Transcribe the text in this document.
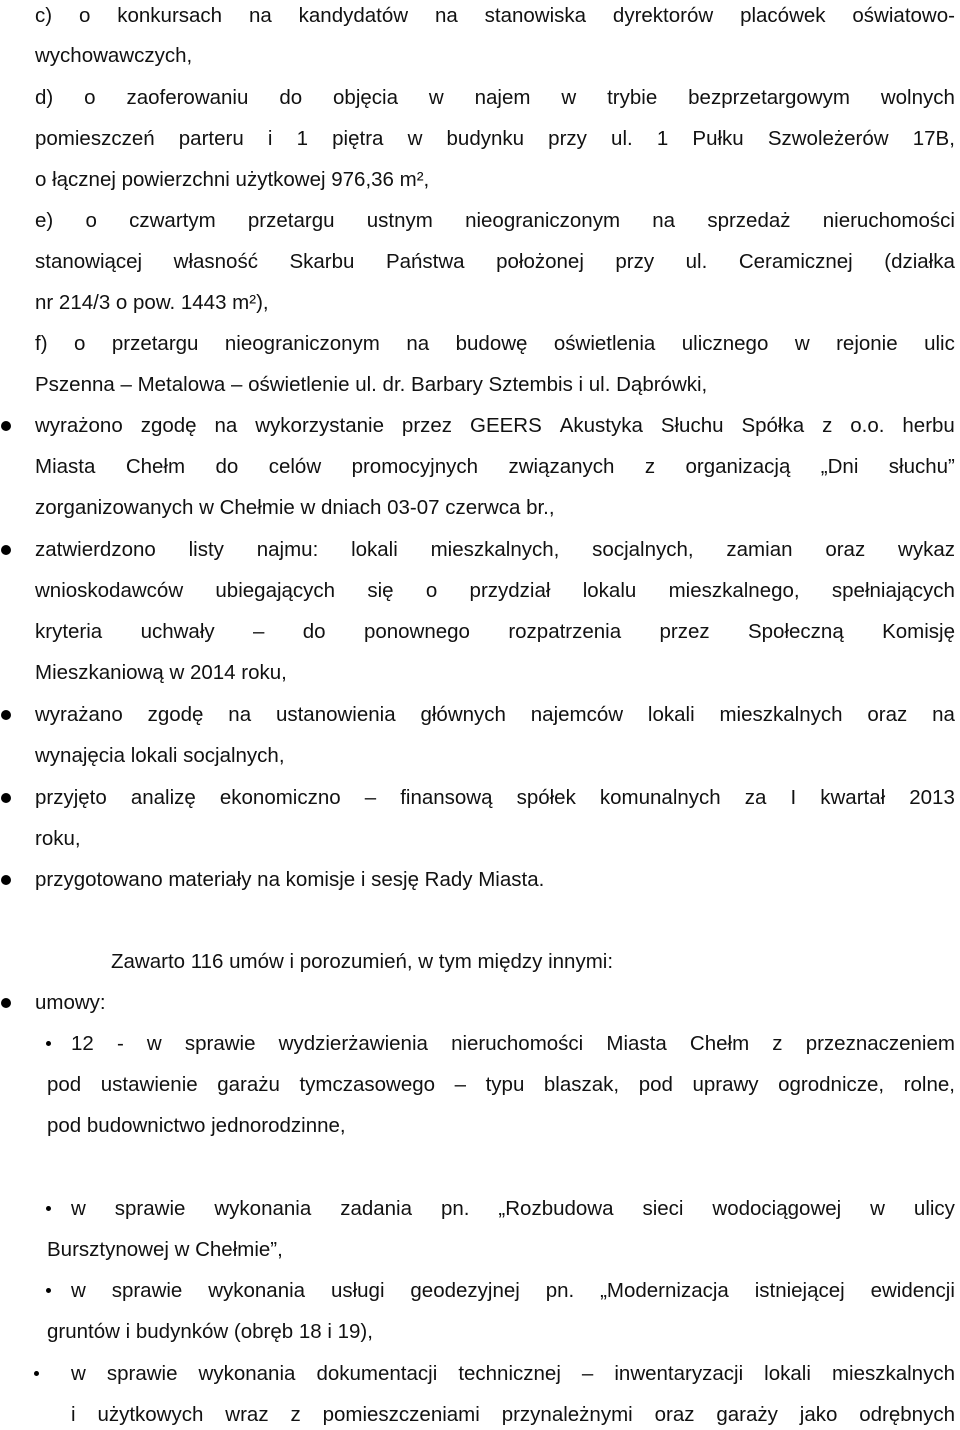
c) o konkursach na kandydatów na stanowiska dyrektorów placówek oświatowo-
wychowawczych,
d) o zaoferowaniu do objęcia w najem w trybie bezprzetargowym wolnych
pomieszczeń parteru i 1 piętra w budynku przy ul. 1 Pułku Szwoleżerów 17B,
o łącznej powierzchni użytkowej 976,36 m²,
e) o czwartym przetargu ustnym nieograniczonym na sprzedaż nieruchomości
stanowiącej własność Skarbu Państwa położonej przy ul. Ceramicznej (działka
nr 214/3 o pow. 1443 m²),
f) o przetargu nieograniczonym na budowę oświetlenia ulicznego w rejonie ulic
Pszenna – Metalowa – oświetlenie ul. dr. Barbary Sztembis i ul. Dąbrówki,
wyrażono zgodę na wykorzystanie przez GEERS Akustyka Słuchu Spółka z o.o. herbu
Miasta Chełm do celów promocyjnych związanych z organizacją „Dni słuchu”
zorganizowanych w Chełmie w dniach 03-07 czerwca br.,
zatwierdzono listy najmu: lokali mieszkalnych, socjalnych, zamian oraz wykaz
wnioskodawców ubiegających się o przydział lokalu mieszkalnego, spełniających
kryteria uchwały – do ponownego rozpatrzenia przez Społeczną Komisję
Mieszkaniową w 2014 roku,
wyrażano zgodę na ustanowienia głównych najemców lokali mieszkalnych oraz na
wynajęcia lokali socjalnych,
przyjęto analizę ekonomiczno – finansową spółek komunalnych za I kwartał 2013
roku,
przygotowano materiały na komisje i sesję Rady Miasta.
Zawarto 116 umów i porozumień, w tym między innymi:
umowy:
12 - w sprawie wydzierżawienia nieruchomości Miasta Chełm z przeznaczeniem
pod ustawienie garażu tymczasowego – typu blaszak, pod uprawy ogrodnicze, rolne,
pod budownictwo jednorodzinne,
w sprawie wykonania zadania pn. „Rozbudowa sieci wodociągowej w ulicy
Bursztynowej w Chełmie”,
w sprawie wykonania usługi geodezyjnej pn. „Modernizacja istniejącej ewidencji
gruntów i budynków (obręb 18 i 19),
w sprawie wykonania dokumentacji technicznej – inwentaryzacji lokali mieszkalnych
i użytkowych wraz z pomieszczeniami przynależnymi oraz garaży jako odrębnych
